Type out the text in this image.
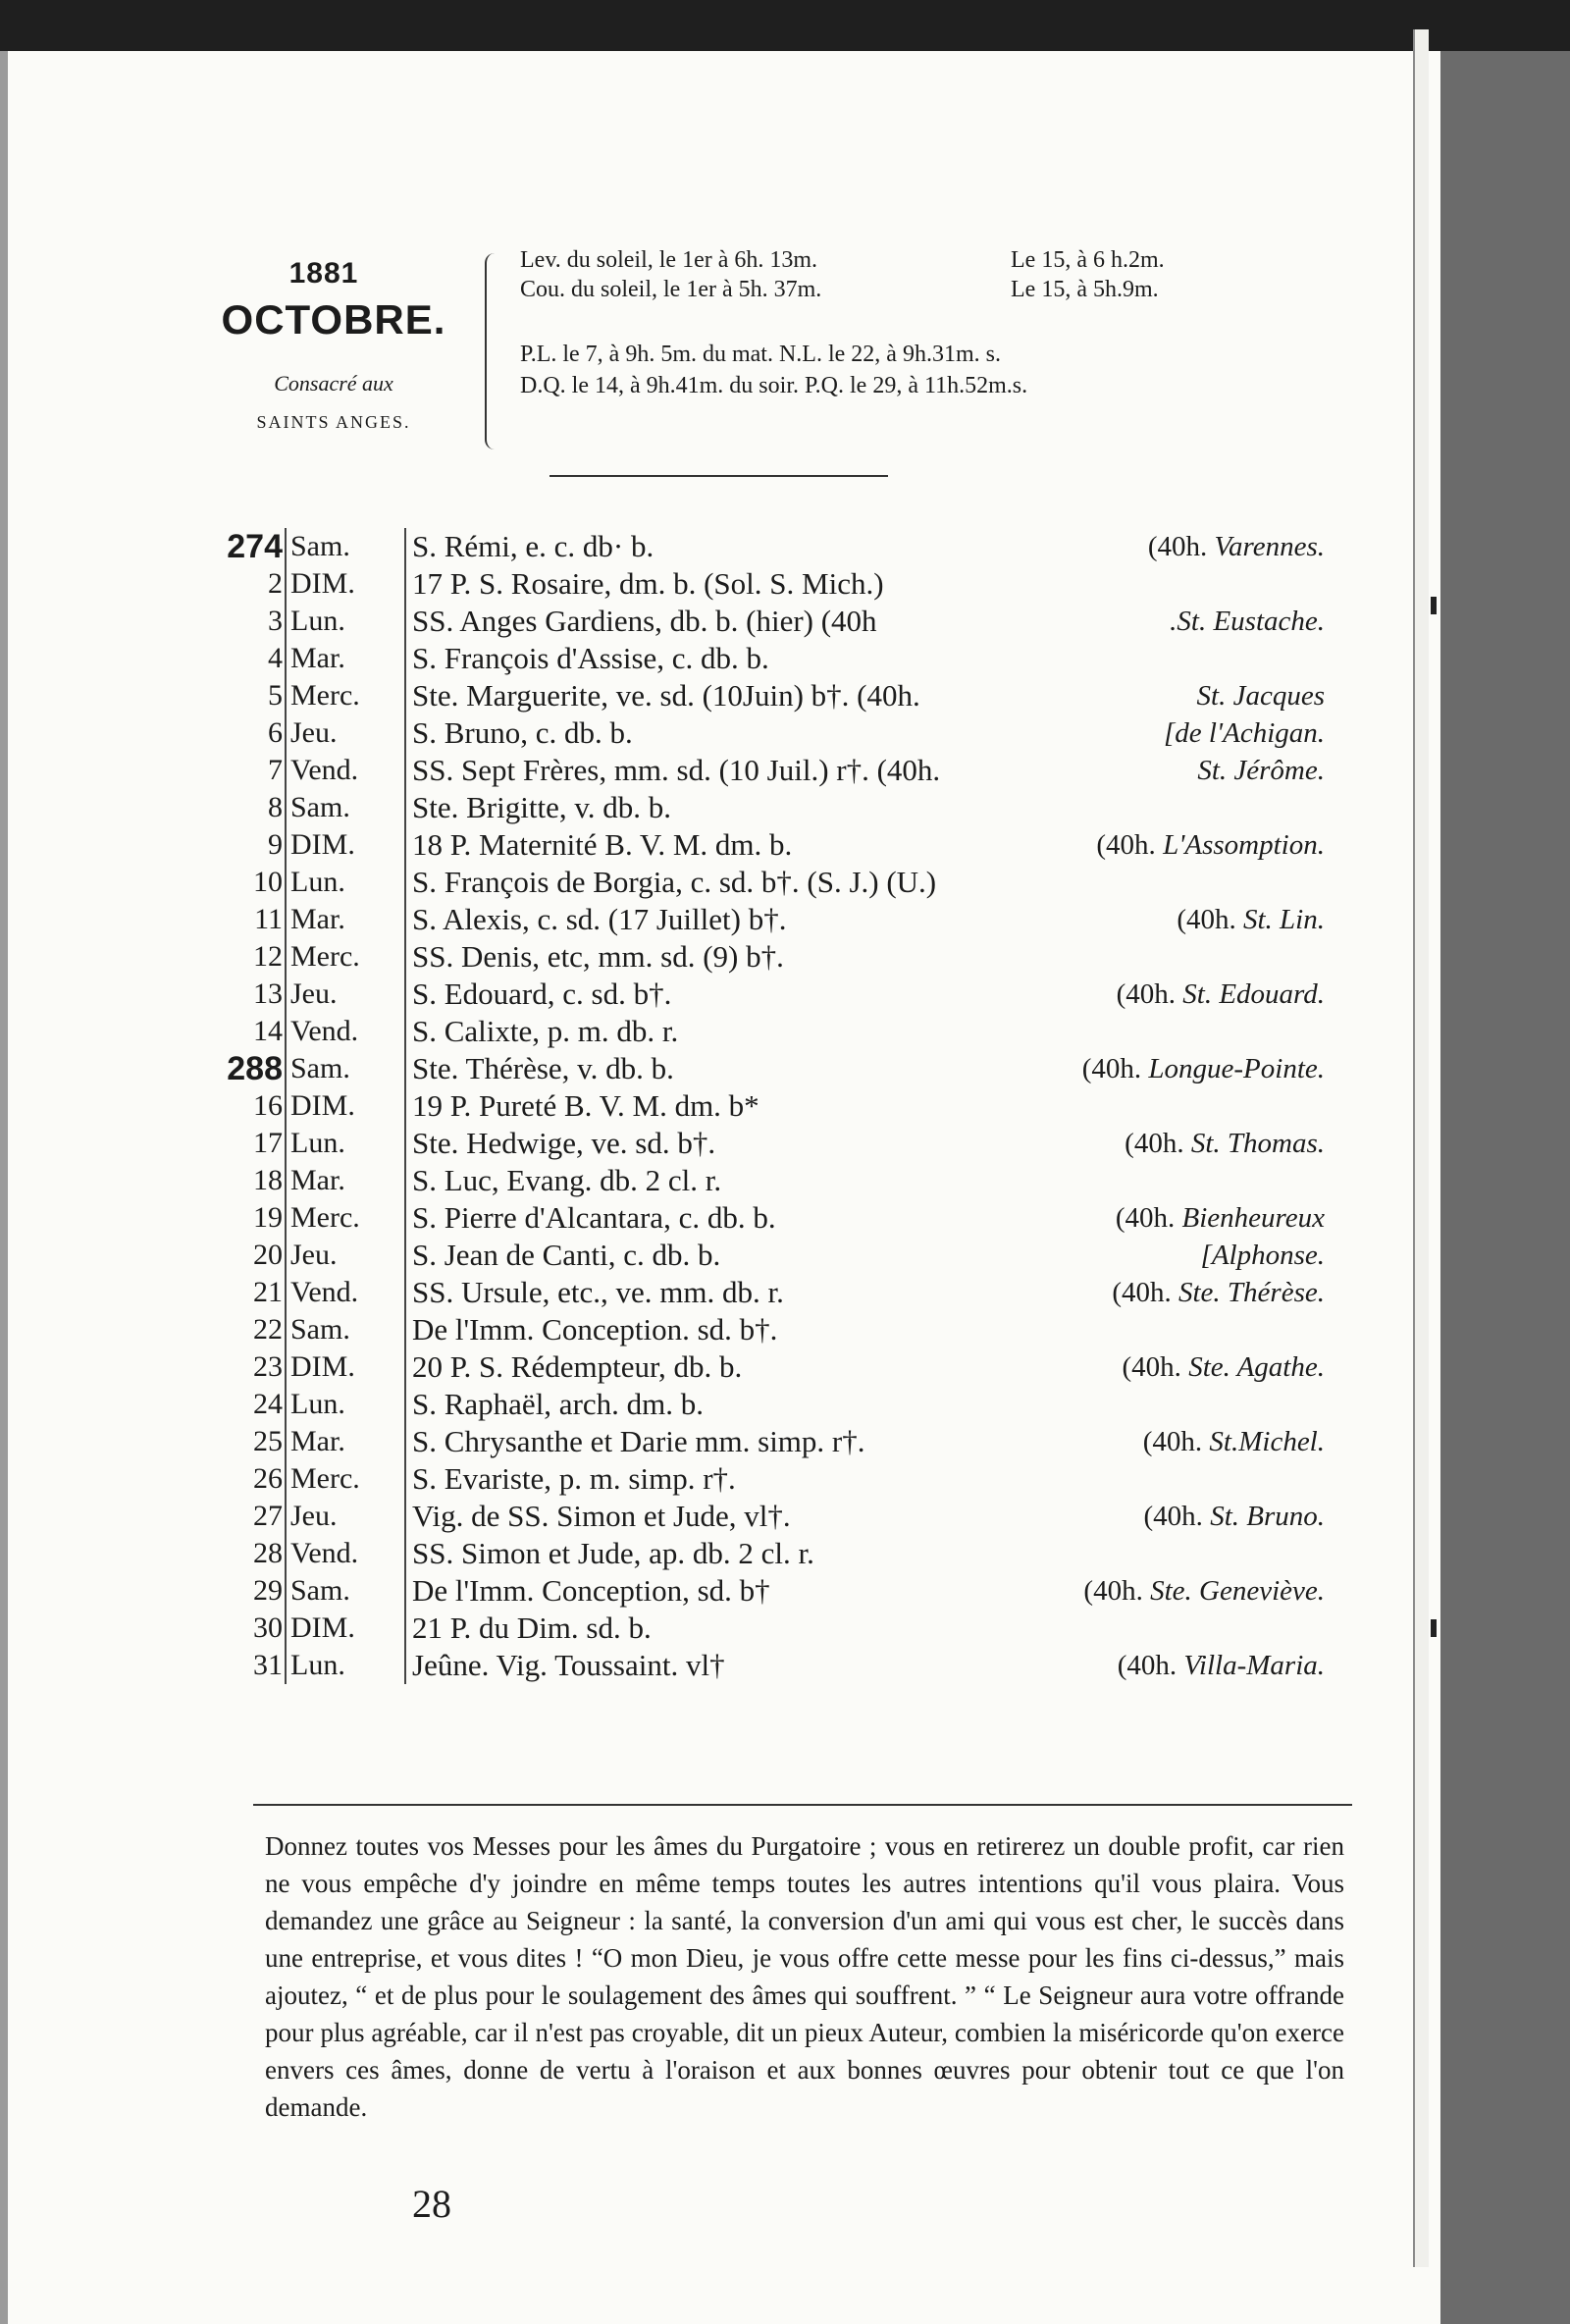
1881
OCTOBRE.
Consacré aux
SAINTS ANGES.
Lev. du soleil, le 1er à 6h. 13m.	Le 15, à 6 h.2m.
Cou. du soleil, le 1er à 5h. 37m.	Le 15, à 5h.9m.
P.L. le 7, à 9h. 5m. du mat. N.L. le 22, à 9h.31m. s.
D.Q. le 14, à 9h.41m. du soir. P.Q. le 29, à 11h.52m.s.
274 Sam.	S. Rémi, e. c. db· b.	(40h. Varennes.
2 DIM.	17 P. S. Rosaire, dm. b. (Sol. S. Mich.)
3 Lun.	SS. Anges Gardiens, db. b. (hier) (40h	.St. Eustache.
4 Mar.	S. François d'Assise, c. db. b.
5 Merc.	Ste. Marguerite, ve. sd. (10Juin) b†. (40h.	St. Jacques
6 Jeu.	S. Bruno, c. db. b.	[de l'Achigan.
7 Vend.	SS. Sept Frères, mm. sd. (10 Juil.) r†. (40h.	St. Jérôme.
8 Sam.	Ste. Brigitte, v. db. b.
9 DIM.	18 P. Maternité B. V. M. dm. b.	(40h. L'Assomption.
10 Lun.	S. François de Borgia, c. sd. b†. (S. J.) (U.)
11 Mar.	S. Alexis, c. sd. (17 Juillet) b†.	(40h. St. Lin.
12 Merc.	SS. Denis, etc, mm. sd. (9) b†.
13 Jeu.	S. Edouard, c. sd. b†.	(40h. St. Edouard.
14 Vend.	S. Calixte, p. m. db. r.
288 Sam.	Ste. Thérèse, v. db. b.	(40h. Longue-Pointe.
16 DIM.	19 P. Pureté B. V. M. dm. b*
17 Lun.	Ste. Hedwige, ve. sd. b†.	(40h. St. Thomas.
18 Mar.	S. Luc, Evang. db. 2 cl. r.
19 Merc.	S. Pierre d'Alcantara, c. db. b.	(40h. Bienheureux
20 Jeu.	S. Jean de Canti, c. db. b.	[Alphonse.
21 Vend.	SS. Ursule, etc., ve. mm. db. r.	(40h. Ste. Thérèse.
22 Sam.	De l'Imm. Conception. sd. b†.
23 DIM.	20 P. S. Rédempteur, db. b.	(40h. Ste. Agathe.
24 Lun.	S. Raphaël, arch. dm. b.
25 Mar.	S. Chrysanthe et Darie mm. simp. r†.	(40h. St.Michel.
26 Merc.	S. Evariste, p. m. simp. r†.
27 Jeu.	Vig. de SS. Simon et Jude, vl†.	(40h. St. Bruno.
28 Vend.	SS. Simon et Jude, ap. db. 2 cl. r.
29 Sam.	De l'Imm. Conception, sd. b†	(40h. Ste. Geneviève.
30 DIM.	21 P. du Dim. sd. b.
31 Lun.	Jeûne. Vig. Toussaint. vl†	(40h. Villa-Maria.
Donnez toutes vos Messes pour les âmes du Purgatoire ; vous en retirerez un double profit, car rien ne vous empêche d'y joindre en même temps toutes les autres intentions qu'il vous plaira. Vous demandez une grâce au Seigneur : la santé, la conversion d'un ami qui vous est cher, le succès dans une entreprise, et vous dites ! “O mon Dieu, je vous offre cette messe pour les fins ci-dessus,” mais ajoutez, “ et de plus pour le soulagement des âmes qui souffrent. ” “ Le Seigneur aura votre offrande pour plus agréable, car il n'est pas croyable, dit un pieux Auteur, combien la miséricorde qu'on exerce envers ces âmes, donne de vertu à l'oraison et aux bonnes œuvres pour obtenir tout ce que l'on demande.
28
